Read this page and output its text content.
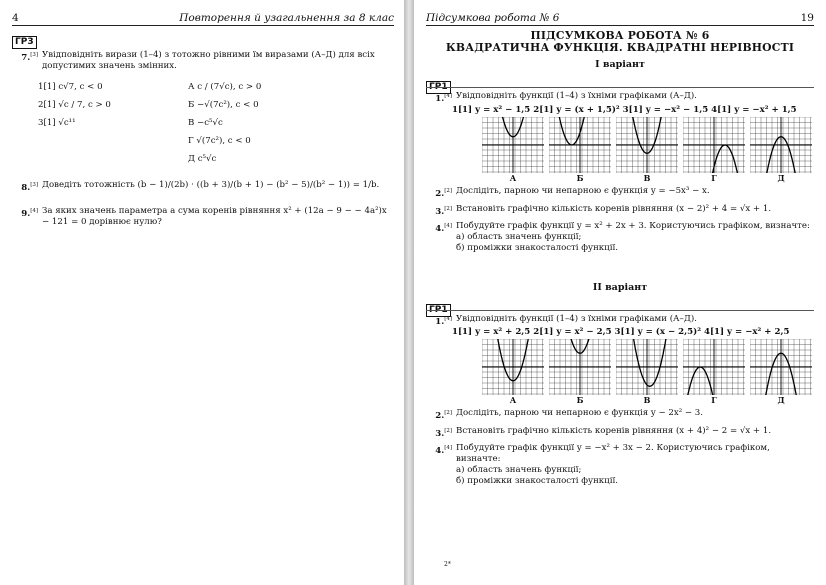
4	Повторення й узагальнення за 8 клас
ГР3
7.[3] Увідповідніть вирази (1–4) з тотожно рівними їм виразами (А–Д) для всіх допустимих значень змінних.
1[1] c√7, c < 0	А c / (7√c), c > 0
2[1] √c / 7, c > 0	Б −√(7c²), c < 0
3[1] √c¹¹	В −c⁵√c
Г √(7c²), c < 0
Д c⁵√c
8.[3] Доведіть тотожність (b − 1)/(2b) · ((b + 3)/(b + 1) − (b² − 5)/(b² − 1)) = 1/b.
9.[4] За яких значень параметра a сума коренів рівняння x² + (12a − 9 − − 4a²)x − 121 = 0 дорівнює нулю?
Підсумкова робота № 6	19
ПІДСУМКОВА РОБОТА № 6
КВАДРАТИЧНА ФУНКЦІЯ. КВАДРАТНІ НЕРІВНОСТІ
І варіант
ГР1
1.[4] Увідповідніть функції (1–4) з їхніми графіками (А–Д).
1[1] y = x² − 1,5 2[1] y = (x + 1,5)² 3[1] y = −x² − 1,5 4[1] y = −x² + 1,5
А	Б	В	Г	Д
2.[2] Дослідіть, парною чи непарною є функція y = −5x³ − x.
3.[2] Встановіть графічно кількість коренів рівняння (x − 2)² + 4 = √x + 1.
4.[4] Побудуйте графік функції y = x² + 2x + 3. Користуючись графіком, визначте:
а) область значень функції;
б) проміжки знакосталості функції.
ІІ варіант
ГР1
1.[4] Увідповідніть функції (1–4) з їхніми графіками (А–Д).
1[1] y = x² + 2,5 2[1] y = x² − 2,5 3[1] y = (x − 2,5)² 4[1] y = −x² + 2,5
А	Б	В	Г	Д
2.[2] Дослідіть, парною чи непарною є функція y − 2x² − 3.
3.[2] Встановіть графічно кількість коренів рівняння (x + 4)² − 2 = √x + 1.
4.[4] Побудуйте графік функції y = −x² + 3x − 2. Користуючись графіком, визначте:
а) область значень функції;
б) проміжки знакосталості функції.
2*
